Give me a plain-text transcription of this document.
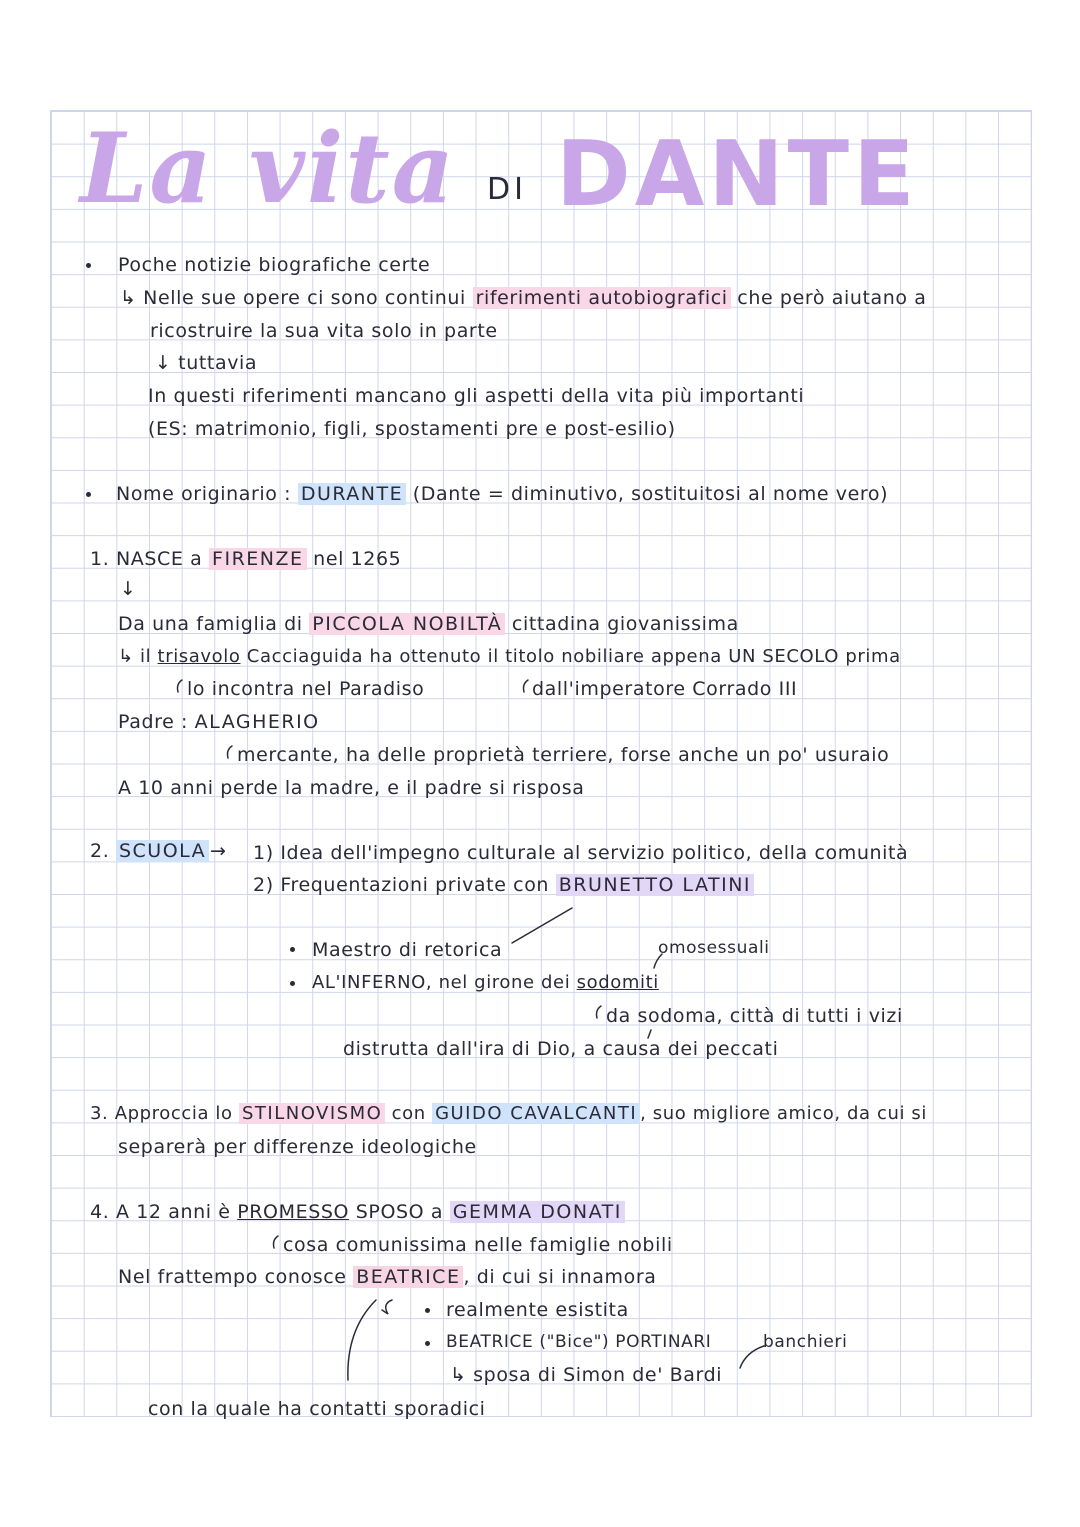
La vita DI DANTE
Poche notizie biografiche certe
↳ Nelle sue opere ci sono continui riferimenti autobiografici che però aiutano a
ricostruire la sua vita solo in parte
↓ tuttavia
In questi riferimenti mancano gli aspetti della vita più importanti
(ES: matrimonio, figli, spostamenti pre e post-esilio)
Nome originario : DURANTE (Dante = diminutivo, sostituitosi al nome vero)
1. NASCE a FIRENZE nel 1265
↓
Da una famiglia di PICCOLA NOBILTÀ cittadina giovanissima
↳ il trisavolo Cacciaguida ha ottenuto il titolo nobiliare appena UN SECOLO prima
lo incontra nel Paradiso	dall'imperatore Corrado III
Padre : ALAGHERIO
mercante, ha delle proprietà terriere, forse anche un po' usuraio
A 10 anni perde la madre, e il padre si risposa
2. SCUOLA → 1) Idea dell'impegno culturale al servizio politico, della comunità
2) Frequentazioni private con BRUNETTO LATINI
Maestro di retorica	omosessuali
AL'INFERNO, nel girone dei sodomiti
da sodoma, città di tutti i vizi
distrutta dall'ira di Dio, a causa dei peccati
3. Approccia lo STILNOVISMO con GUIDO CAVALCANTI , suo migliore amico, da cui si
separerà per differenze ideologiche
4. A 12 anni è PROMESSO SPOSO a GEMMA DONATI
cosa comunissima nelle famiglie nobili
Nel frattempo conosce BEATRICE , di cui si innamora
realmente esistita
BEATRICE ("Bice") PORTINARI	banchieri
↳ sposa di Simon de' Bardi
con la quale ha contatti sporadici
